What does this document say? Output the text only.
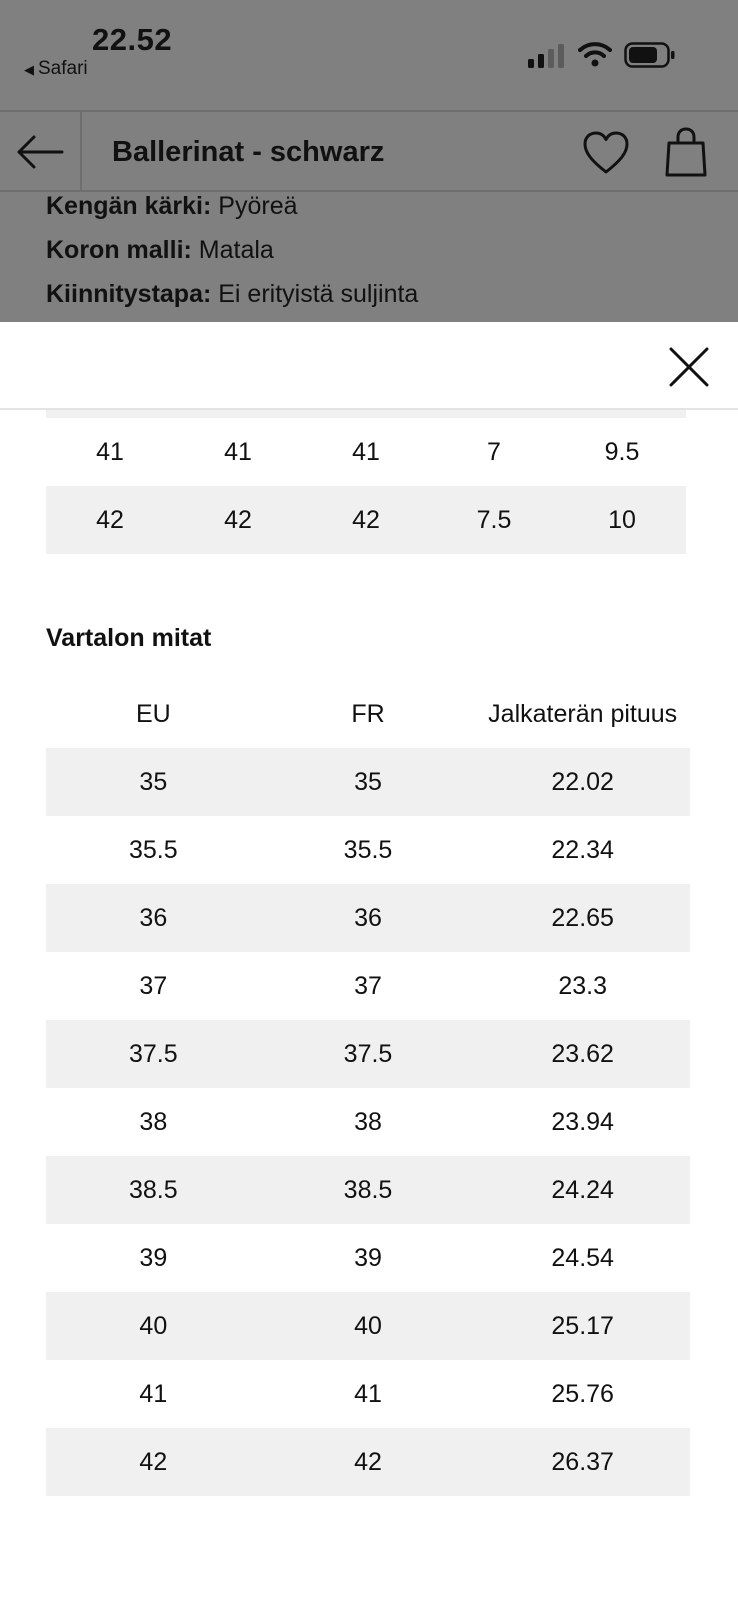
22.52
◀ Safari
Ballerinat - schwarz
Kengän kärki: Pyöreä
Koron malli: Matala
Kiinnitystapa: Ei erityistä suljinta
41	41	41	7	9.5
42	42	42	7.5	10
Vartalon mitat
EU	FR	Jalkaterän pituus
35	35	22.02
35.5	35.5	22.34
36	36	22.65
37	37	23.3
37.5	37.5	23.62
38	38	23.94
38.5	38.5	24.24
39	39	24.54
40	40	25.17
41	41	25.76
42	42	26.37
